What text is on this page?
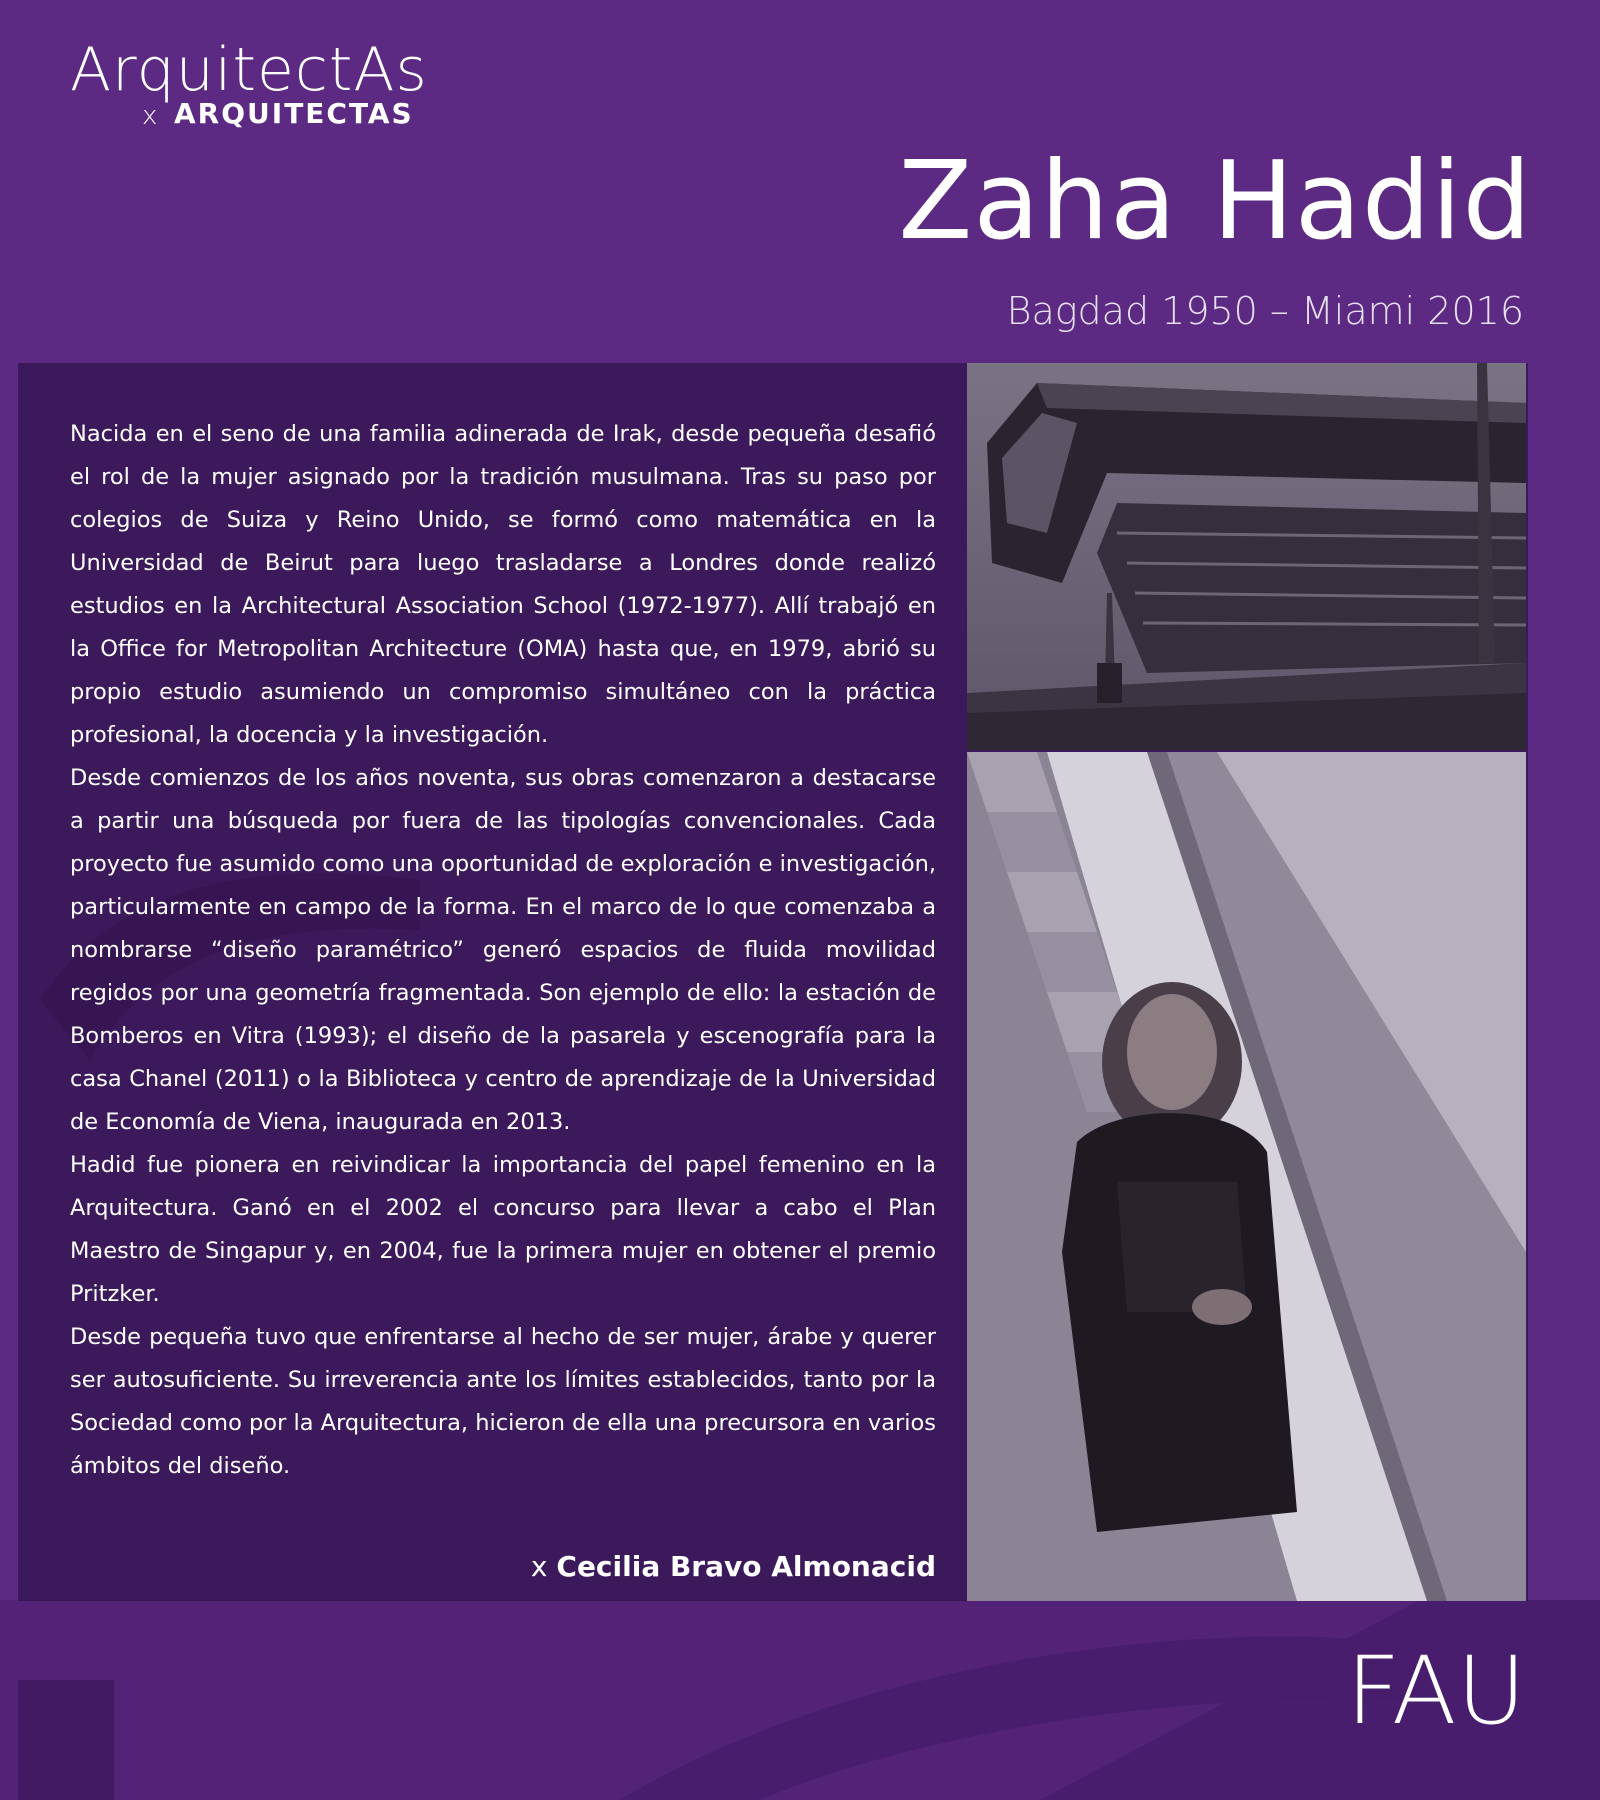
ArquitectAs
x ARQUITECTAS
Zaha Hadid
Bagdad 1950 – Miami 2016

Nacida en el seno de una familia adinerada de Irak, desde pequeña desafió el rol de la mujer asignado por la tradición musulmana. Tras su paso por colegios de Suiza y Reino Unido, se formó como matemática en la Universidad de Beirut para luego trasladarse a Londres donde realizó estudios en la Architectural Association School (1972-1977). Allí trabajó en la Office for Metropolitan Architecture (OMA) hasta que, en 1979, abrió su propio estudio asumiendo un compromiso simultáneo con la práctica profesional, la docencia y la investigación.

Desde comienzos de los años noventa, sus obras comenzaron a destacarse a partir una búsqueda por fuera de las tipologías convencionales. Cada proyecto fue asumido como una oportunidad de exploración e investigación, particularmente en campo de la forma. En el marco de lo que comenzaba a nombrarse “diseño paramétrico” generó espacios de fluida movilidad regidos por una geometría fragmentada. Son ejemplo de ello: la estación de Bomberos en Vitra (1993); el diseño de la pasarela y escenografía para la casa Chanel (2011) o la Biblioteca y centro de aprendizaje de la Universidad de Economía de Viena, inaugurada en 2013.

Hadid fue pionera en reivindicar la importancia del papel femenino en la Arquitectura. Ganó en el 2002 el concurso para llevar a cabo el Plan Maestro de Singapur y, en 2004, fue la primera mujer en obtener el premio Pritzker.

Desde pequeña tuvo que enfrentarse al hecho de ser mujer, árabe y querer ser autosuficiente. Su irreverencia ante los límites establecidos, tanto por la Sociedad como por la Arquitectura, hicieron de ella una precursora en varios ámbitos del diseño.

x Cecilia Bravo Almonacid
FAU
